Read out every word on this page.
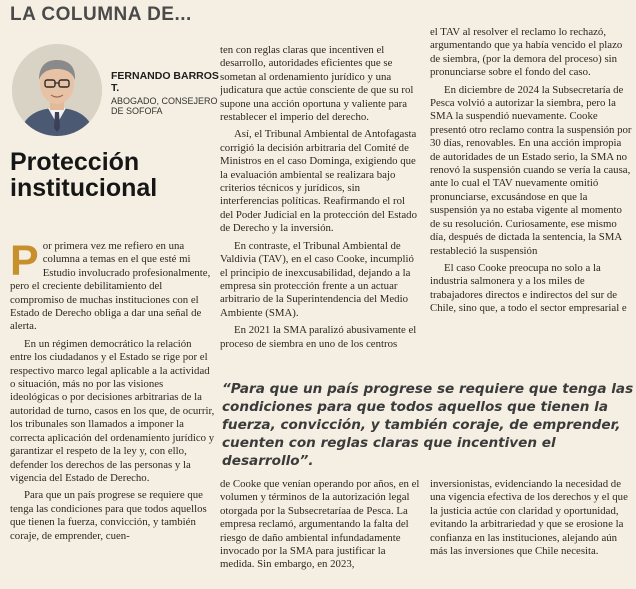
LA COLUMNA DE...
FERNANDO BARROS T.
ABOGADO, CONSEJERO DE SOFOFA
Protección institucional

Por primera vez me refiero en una columna a temas en el que esté mi Estudio involucrado profesionalmente, pero el creciente debilitamiento del compromiso de muchas instituciones con el Estado de Derecho obliga a dar una señal de alerta.

En un régimen democrático la relación entre los ciudadanos y el Estado se rige por el respectivo marco legal aplicable a la actividad o situación, más no por las visiones ideológicas o por decisiones arbitrarias de la autoridad de turno, casos en los que, de ocurrir, los tribunales son llamados a imponer la correcta aplicación del ordenamiento jurídico y garantizar el respeto de la ley y, con ello, defender los derechos de las personas y la vigencia del Estado de Derecho.

Para que un país progrese se requiere que tenga las condiciones para que todos aquellos que tienen la fuerza, convicción, y también coraje, de emprender, cuen-

ten con reglas claras que incentiven el desarrollo, autoridades eficientes que se sometan al ordenamiento jurídico y una judicatura que actúe consciente de que su rol supone una acción oportuna y valiente para restablecer el imperio del derecho.

Así, el Tribunal Ambiental de Antofagasta corrigió la decisión arbitraria del Comité de Ministros en el caso Dominga, exigiendo que la evaluación ambiental se realizara bajo criterios técnicos y jurídicos, sin interferencias políticas. Reafirmando el rol del Poder Judicial en la protección del Estado de Derecho y la inversión.

En contraste, el Tribunal Ambiental de Valdivia (TAV), en el caso Cooke, incumplió el principio de inexcusabilidad, dejando a la empresa sin protección frente a un actuar arbitrario de la Superintendencia del Medio Ambiente (SMA).

En 2021 la SMA paralizó abusivamente el proceso de siembra en uno de los centros

el TAV al resolver el reclamo lo rechazó, argumentando que ya había vencido el plazo de siembra, (por la demora del proceso) sin pronunciarse sobre el fondo del caso.

En diciembre de 2024 la Subsecretaría de Pesca volvió a autorizar la siembra, pero la SMA la suspendió nuevamente. Cooke presentó otro reclamo contra la suspensión por 30 días, renovables. En una acción impropia de autoridades de un Estado serio, la SMA no renovó la suspensión cuando se vería la causa, ante lo cual el TAV nuevamente omitió pronunciarse, excusándose en que la suspensión ya no estaba vigente al momento de su resolución. Curiosamente, ese mismo día, después de dictada la sentencia, la SMA restableció la suspensión

El caso Cooke preocupa no solo a la industria salmonera y a los miles de trabajadores directos e indirectos del sur de Chile, sino que, a todo el sector empresarial e

“Para que un país progrese se requiere que tenga las condiciones para que todos aquellos que tienen la fuerza, convicción, y también coraje, de emprender, cuenten con reglas claras que incentiven el desarrollo”.

de Cooke que venían operando por años, en el volumen y términos de la autorización legal otorgada por la Subsecretaríaa de Pesca. La empresa reclamó, argumentando la falta del riesgo de daño ambiental infundadamente invocado por la SMA para justificar la medida. Sin embargo, en 2023,

inversionistas, evidenciando la necesidad de una vigencia efectiva de los derechos y el que la justicia actúe con claridad y oportunidad, evitando la arbitrariedad y que se erosione la confianza en las instituciones, alejando aún más las inversiones que Chile necesita.
